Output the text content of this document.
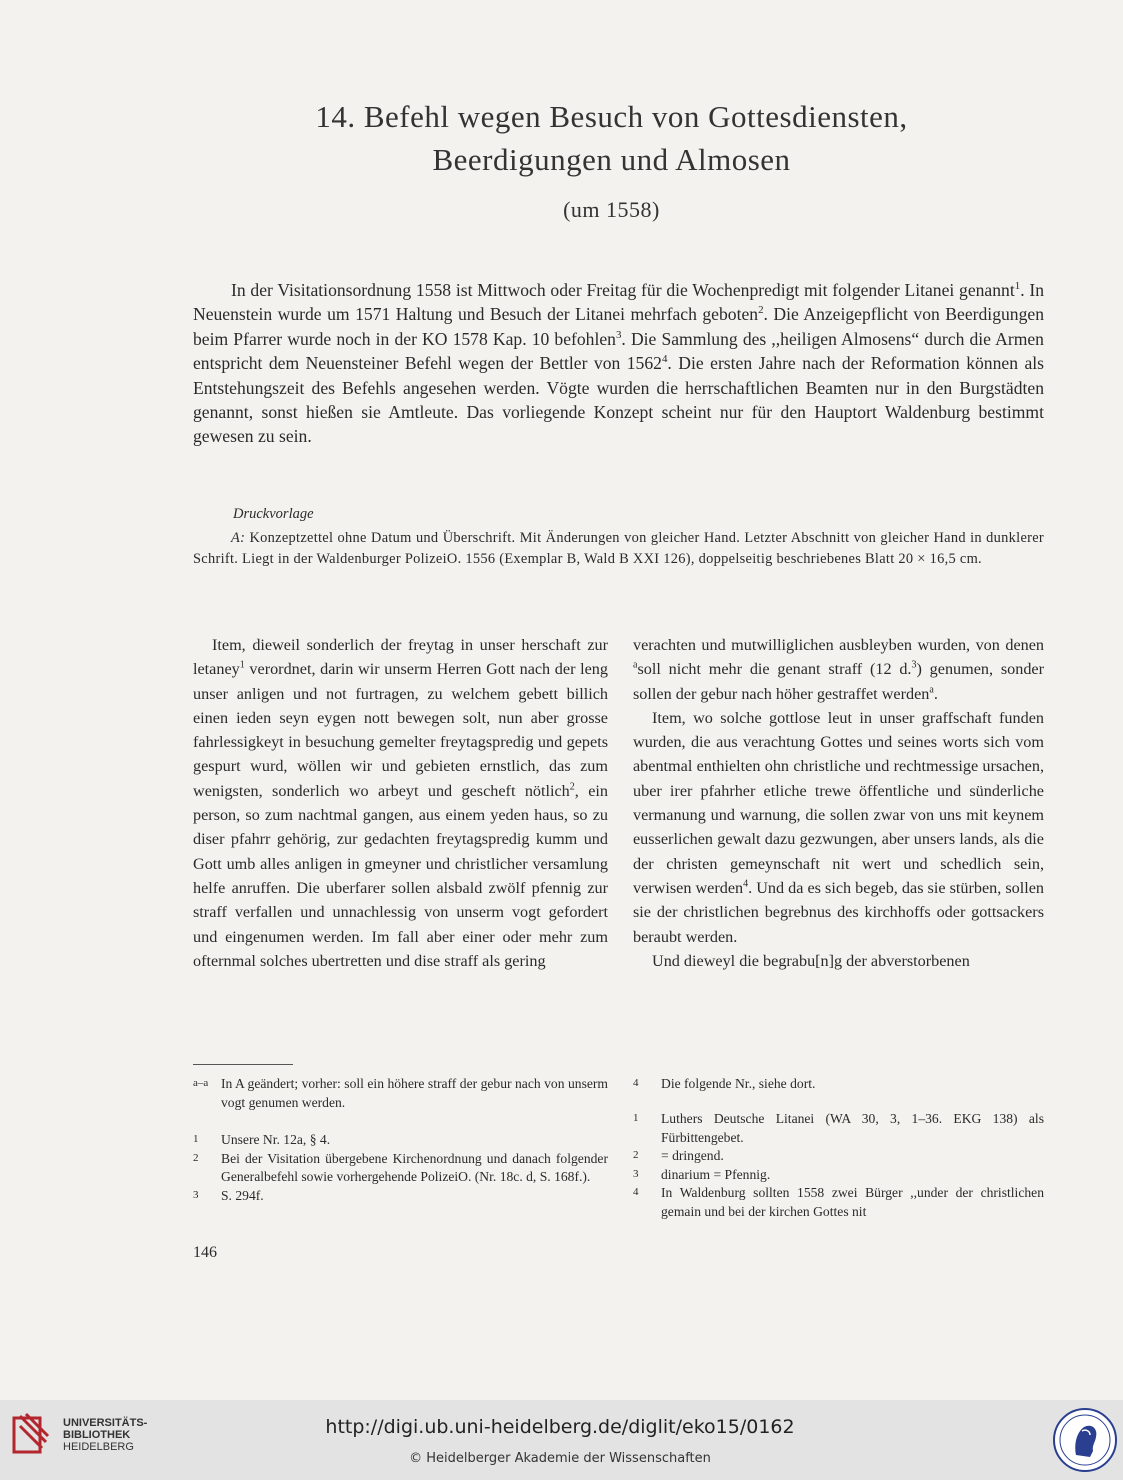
14. Befehl wegen Besuch von Gottesdiensten,
Beerdigungen und Almosen
(um 1558)

In der Visitationsordnung 1558 ist Mittwoch oder Freitag für die Wochenpredigt mit folgender Litanei genannt$^1$. In Neuenstein wurde um 1571 Haltung und Besuch der Litanei mehrfach geboten$^2$. Die Anzeigepflicht von Beerdigungen beim Pfarrer wurde noch in der KO 1578 Kap. 10 befohlen$^3$. Die Sammlung des ,,heiligen Almosens“ durch die Armen entspricht dem Neuensteiner Befehl wegen der Bettler von 1562$^4$. Die ersten Jahre nach der Reformation können als Entstehungszeit des Befehls angesehen werden. Vögte wurden die herrschaftlichen Beamten nur in den Burgstädten genannt, sonst hießen sie Amtleute. Das vorliegende Konzept scheint nur für den Hauptort Waldenburg bestimmt gewesen zu sein.

Druckvorlage

A: Konzeptzettel ohne Datum und Überschrift. Mit Änderungen von gleicher Hand. Letzter Abschnitt von gleicher Hand in dunklerer Schrift. Liegt in der Waldenburger PolizeiO. 1556 (Exemplar B, Wald B XXI 126), doppelseitig beschriebenes Blatt 20 × 16,5 cm.

Item, dieweil sonderlich der freytag in unser herschaft zur letaney$^1$ verordnet, darin wir unserm Herren Gott nach der leng unser anligen und not furtragen, zu welchem gebett billich einen ieden seyn eygen nott bewegen solt, nun aber grosse fahrlessigkeyt in besuchung gemelter freytagspredig und gepets gespurt wurd, wöllen wir und gebieten ernstlich, das zum wenigsten, sonderlich wo arbeyt und gescheft nötlich$^2$, ein person, so zum nachtmal gangen, aus einem yeden haus, so zu diser pfahrr gehörig, zur gedachten freytagspredig kumm und Gott umb alles anligen in gmeyner und christlicher versamlung helfe anruffen. Die uberfarer sollen alsbald zwölf pfennig zur straff verfallen und unnachlessig von unserm vogt gefordert und eingenumen werden. Im fall aber einer oder mehr zum ofternmal solches ubertretten und dise straff als gering

verachten und mutwilliglichen ausbleyben wurden, von denen $^a$soll nicht mehr die genant straff (12 d.$^3$) genumen, sonder sollen der gebur nach höher gestraffet werden$^a$.

Item, wo solche gottlose leut in unser graffschaft funden wurden, die aus verachtung Gottes und seines worts sich vom abentmal enthielten ohn christliche und rechtmessige ursachen, uber irer pfahrher etliche trewe öffentliche und sünderliche vermanung und warnung, die sollen zwar von uns mit keynem eusserlichen gewalt dazu gezwungen, aber unsers lands, als die der christen gemeynschaft nit wert und schedlich sein, verwisen werden$^4$. Und da es sich begeb, das sie stürben, sollen sie der christlichen begrebnus des kirchhoffs oder gottsackers beraubt werden.

Und dieweyl die begrabu[n]g der abverstorbenen

a–a In A geändert; vorher: soll ein höhere straff der gebur nach von unserm vogt genumen werden.
1 Unsere Nr. 12a, § 4.
2 Bei der Visitation übergebene Kirchenordnung und danach folgender Generalbefehl sowie vorhergehende PolizeiO. (Nr. 18c. d, S. 168f.).
3 S. 294f.
4 Die folgende Nr., siehe dort.
1 Luthers Deutsche Litanei (WA 30, 3, 1–36. EKG 138) als Fürbittengebet.
2 = dringend.
3 dinarium = Pfennig.
4 In Waldenburg sollten 1558 zwei Bürger ,,under der christlichen gemain und bei der kirchen Gottes nit
146
UNIVERSITÄTS-
BIBLIOTHEK
HEIDELBERG
http://digi.ub.uni-heidelberg.de/diglit/eko15/0162
© Heidelberger Akademie der Wissenschaften
